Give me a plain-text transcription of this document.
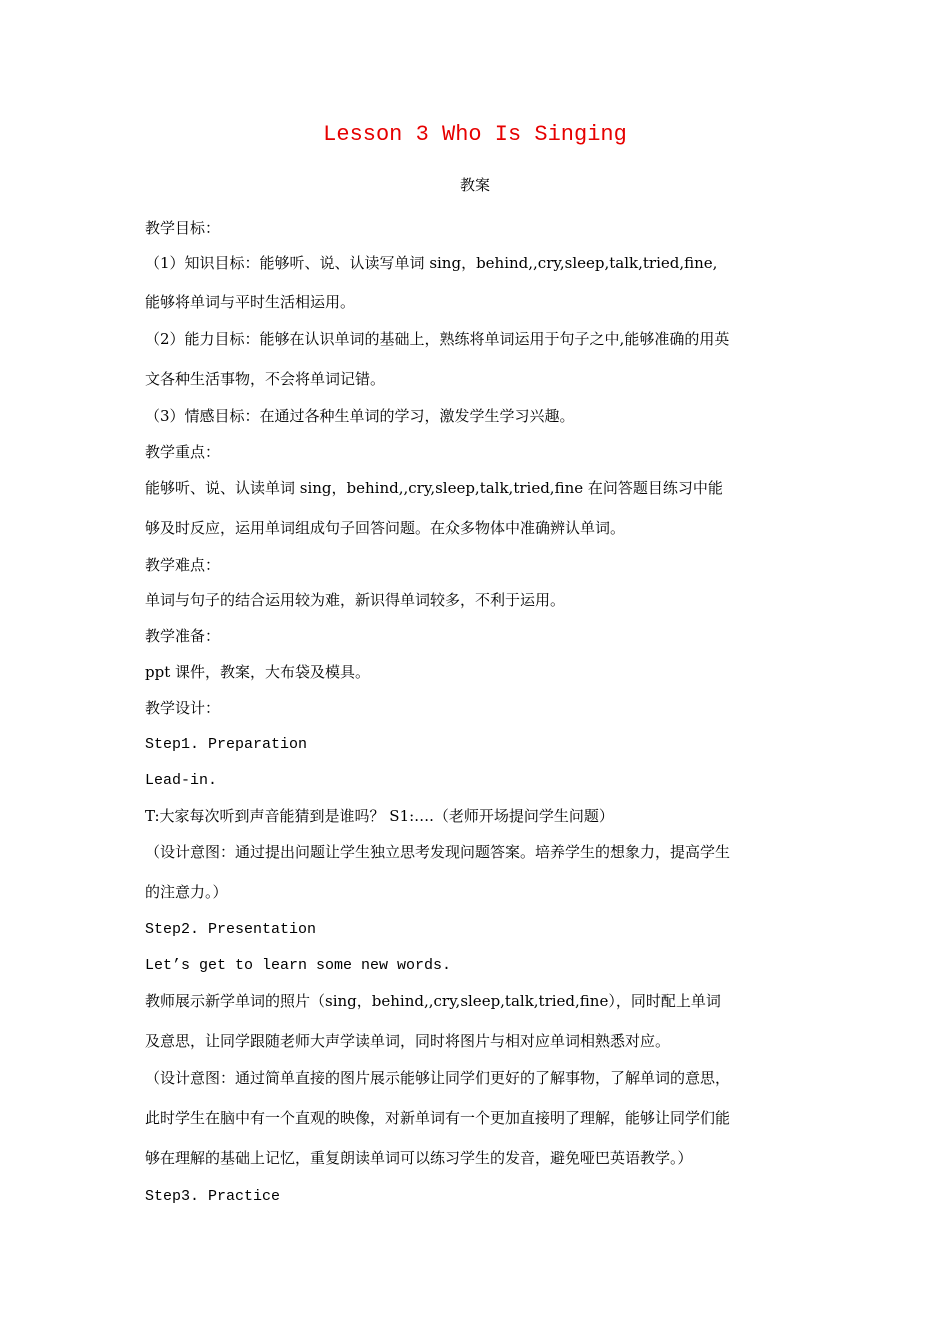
Lesson 3 Who Is Singing
教案
教学目标：
（1）知识目标：能够听、说、认读写单词 sing，behind,,cry,sleep,talk,tried,fine,
能够将单词与平时生活相运用。
（2）能力目标：能够在认识单词的基础上，熟练将单词运用于句子之中,能够准确的用英
文各种生活事物，不会将单词记错。
（3）情感目标：在通过各种生单词的学习，激发学生学习兴趣。
教学重点：
能够听、说、认读单词 sing，behind,,cry,sleep,talk,tried,fine 在问答题目练习中能
够及时反应，运用单词组成句子回答问题。在众多物体中准确辨认单词。
教学难点：
单词与句子的结合运用较为难，新识得单词较多，不利于运用。
教学准备：
ppt 课件，教案，大布袋及模具。
教学设计：
Step1. Preparation
Lead-in.
T:大家每次听到声音能猜到是谁吗？ S1:….（老师开场提问学生问题）
（设计意图：通过提出问题让学生独立思考发现问题答案。培养学生的想象力，提高学生
的注意力。）
Step2. Presentation
Let’s get to learn some new words.
教师展示新学单词的照片（sing，behind,,cry,sleep,talk,tried,fine），同时配上单词
及意思，让同学跟随老师大声学读单词，同时将图片与相对应单词相熟悉对应。
（设计意图：通过简单直接的图片展示能够让同学们更好的了解事物，了解单词的意思，
此时学生在脑中有一个直观的映像，对新单词有一个更加直接明了理解，能够让同学们能
够在理解的基础上记忆，重复朗读单词可以练习学生的发音，避免哑巴英语教学。）
Step3. Practice
